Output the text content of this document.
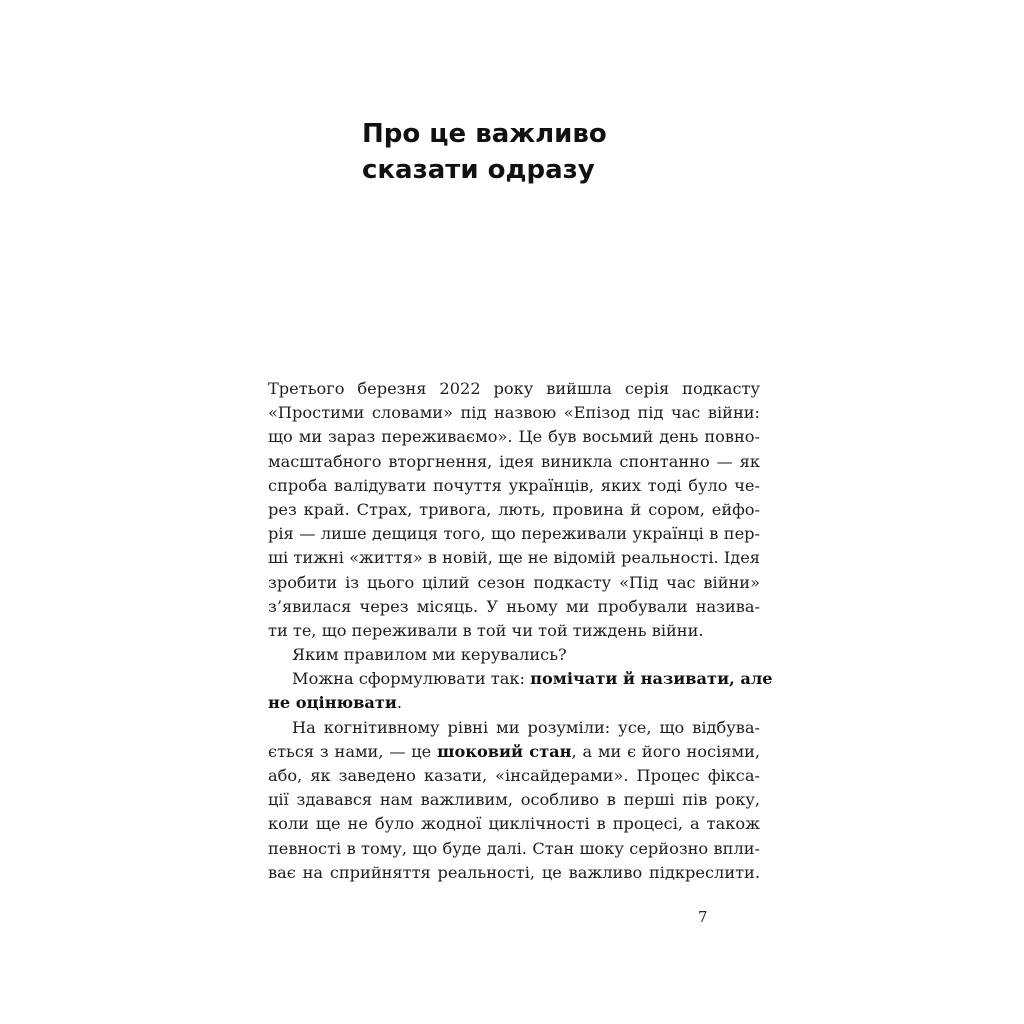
Про це важливо
сказати одразу
Третього березня 2022 року вийшла серія подкасту
«Простими словами» під назвою «Епізод під час війни:
що ми зараз переживаємо». Це був восьмий день повно-
масштабного вторгнення, ідея виникла спонтанно — як
спроба валідувати почуття українців, яких тоді було че-
рез край. Страх, тривога, лють, провина й сором, ейфо-
рія — лише дещиця того, що переживали українці в пер-
ші тижні «життя» в новій, ще не відомій реальності. Ідея
зробити із цього цілий сезон подкасту «Під час війни»
з’явилася через місяць. У ньому ми пробували назива-
ти те, що переживали в той чи той тиждень війни.
Яким правилом ми керувались?
Можна сформулювати так: помічати й називати, але
не оцінювати.
На когнітивному рівні ми розуміли: усе, що відбува-
ється з нами, — це шоковий стан, а ми є його носіями,
або, як заведено казати, «інсайдерами». Процес фікса-
ції здавався нам важливим, особливо в перші пів року,
коли ще не було жодної циклічності в процесі, а також
певності в тому, що буде далі. Стан шоку серйозно впли-
ває на сприйняття реальності, це важливо підкреслити.
7
